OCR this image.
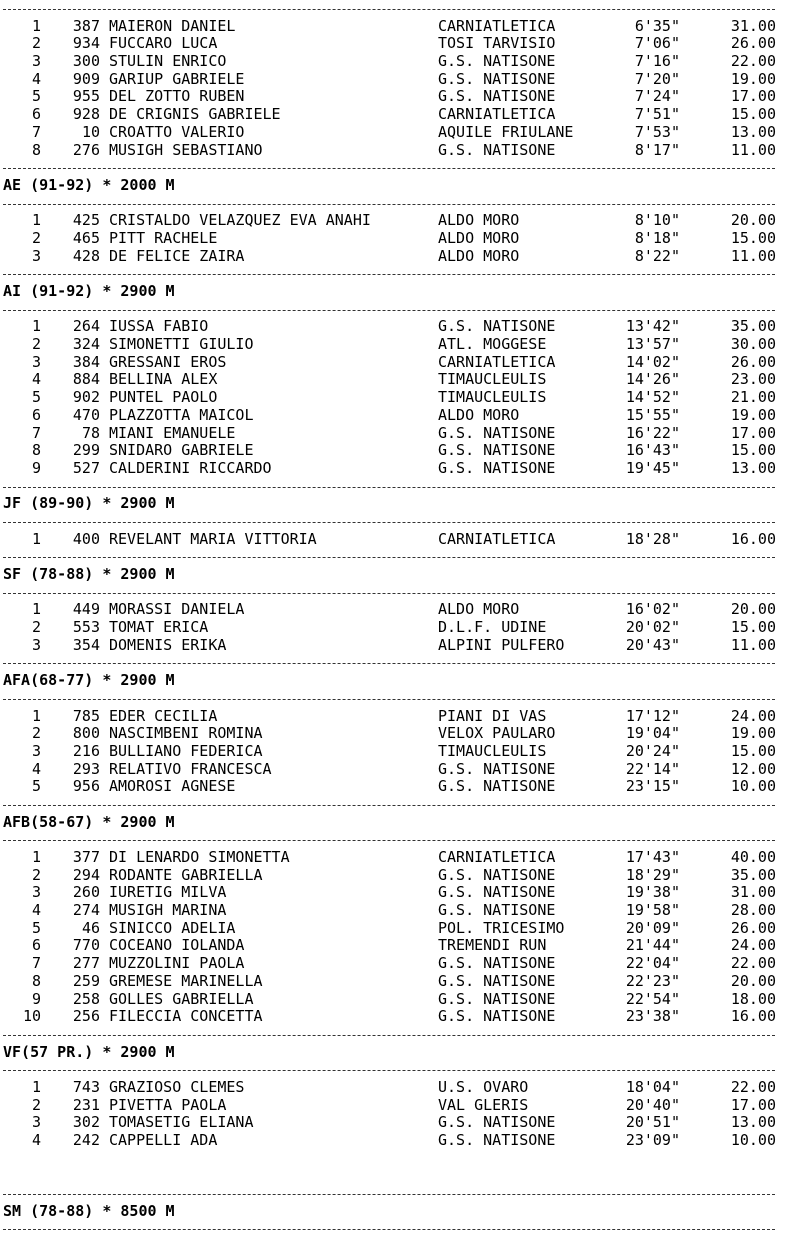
1	387 MAIERON DANIEL	CARNIATLETICA	6'35"	31.00
2	934 FUCCARO LUCA	TOSI TARVISIO	7'06"	26.00
3	300 STULIN ENRICO	G.S. NATISONE	7'16"	22.00
4	909 GARIUP GABRIELE	G.S. NATISONE	7'20"	19.00
5	955 DEL ZOTTO RUBEN	G.S. NATISONE	7'24"	17.00
6	928 DE CRIGNIS GABRIELE	CARNIATLETICA	7'51"	15.00
7	10 CROATTO VALERIO	AQUILE FRIULANE	7'53"	13.00
8	276 MUSIGH SEBASTIANO	G.S. NATISONE	8'17"	11.00
AE (91-92) * 2000 M
1	425 CRISTALDO VELAZQUEZ EVA ANAHI	ALDO MORO	8'10"	20.00
2	465 PITT RACHELE	ALDO MORO	8'18"	15.00
3	428 DE FELICE ZAIRA	ALDO MORO	8'22"	11.00
AI (91-92) * 2900 M
1	264 IUSSA FABIO	G.S. NATISONE	13'42"	35.00
2	324 SIMONETTI GIULIO	ATL. MOGGESE	13'57"	30.00
3	384 GRESSANI EROS	CARNIATLETICA	14'02"	26.00
4	884 BELLINA ALEX	TIMAUCLEULIS	14'26"	23.00
5	902 PUNTEL PAOLO	TIMAUCLEULIS	14'52"	21.00
6	470 PLAZZOTTA MAICOL	ALDO MORO	15'55"	19.00
7	78 MIANI EMANUELE	G.S. NATISONE	16'22"	17.00
8	299 SNIDARO GABRIELE	G.S. NATISONE	16'43"	15.00
9	527 CALDERINI RICCARDO	G.S. NATISONE	19'45"	13.00
JF (89-90) * 2900 M
1	400 REVELANT MARIA VITTORIA	CARNIATLETICA	18'28"	16.00
SF (78-88) * 2900 M
1	449 MORASSI DANIELA	ALDO MORO	16'02"	20.00
2	553 TOMAT ERICA	D.L.F. UDINE	20'02"	15.00
3	354 DOMENIS ERIKA	ALPINI PULFERO	20'43"	11.00
AFA(68-77) * 2900 M
1	785 EDER CECILIA	PIANI DI VAS	17'12"	24.00
2	800 NASCIMBENI ROMINA	VELOX PAULARO	19'04"	19.00
3	216 BULLIANO FEDERICA	TIMAUCLEULIS	20'24"	15.00
4	293 RELATIVO FRANCESCA	G.S. NATISONE	22'14"	12.00
5	956 AMOROSI AGNESE	G.S. NATISONE	23'15"	10.00
AFB(58-67) * 2900 M
1	377 DI LENARDO SIMONETTA	CARNIATLETICA	17'43"	40.00
2	294 RODANTE GABRIELLA	G.S. NATISONE	18'29"	35.00
3	260 IURETIG MILVA	G.S. NATISONE	19'38"	31.00
4	274 MUSIGH MARINA	G.S. NATISONE	19'58"	28.00
5	46 SINICCO ADELIA	POL. TRICESIMO	20'09"	26.00
6	770 COCEANO IOLANDA	TREMENDI RUN	21'44"	24.00
7	277 MUZZOLINI PAOLA	G.S. NATISONE	22'04"	22.00
8	259 GREMESE MARINELLA	G.S. NATISONE	22'23"	20.00
9	258 GOLLES GABRIELLA	G.S. NATISONE	22'54"	18.00
10	256 FILECCIA CONCETTA	G.S. NATISONE	23'38"	16.00
VF(57 PR.) * 2900 M
1	743 GRAZIOSO CLEMES	U.S. OVARO	18'04"	22.00
2	231 PIVETTA PAOLA	VAL GLERIS	20'40"	17.00
3	302 TOMASETIG ELIANA	G.S. NATISONE	20'51"	13.00
4	242 CAPPELLI ADA	G.S. NATISONE	23'09"	10.00
SM (78-88) * 8500 M
